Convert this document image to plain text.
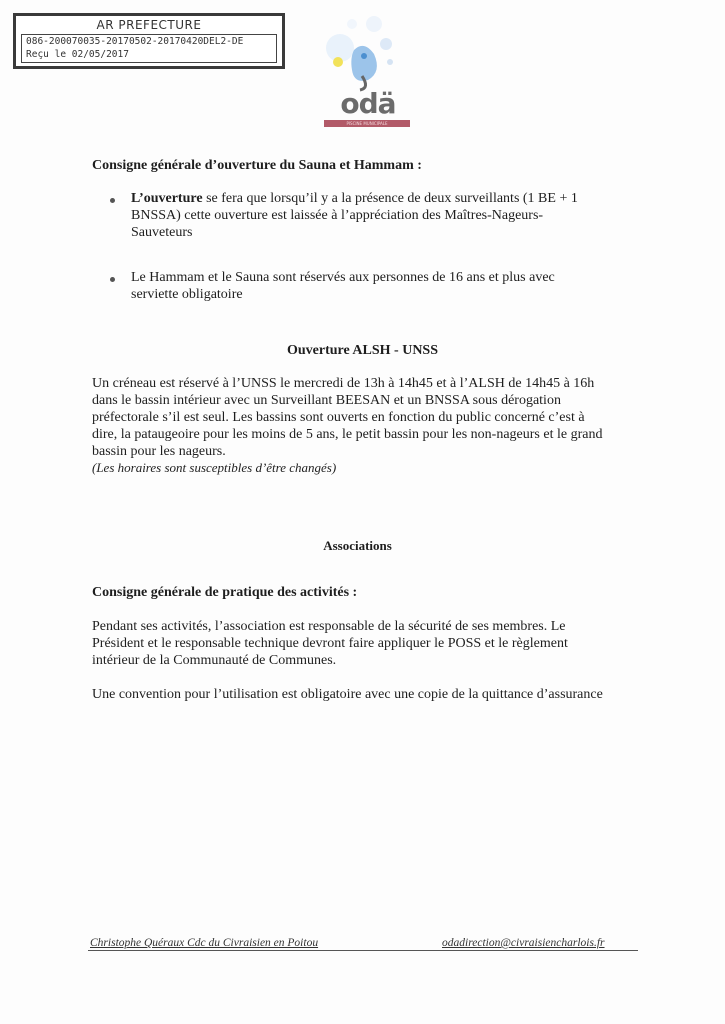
AR PREFECTURE
086-200070035-20170502-20170420DEL2-DE
Reçu le 02/05/2017
odä
PISCINE MUNICIPALE
Consigne générale d’ouverture du Sauna et Hammam :
L’ouverture se fera que lorsqu’il y a la présence de deux surveillants (1 BE + 1
BNSSA) cette ouverture est laissée à l’appréciation des Maîtres-Nageurs-
Sauveteurs
Le Hammam et le Sauna sont réservés aux personnes de 16 ans et plus avec
serviette obligatoire
Ouverture ALSH - UNSS
Un créneau est réservé à l’UNSS le mercredi de 13h à 14h45 et à l’ALSH de 14h45 à 16h
dans le bassin intérieur avec un Surveillant BEESAN et un BNSSA sous dérogation
préfectorale s’il est seul. Les bassins sont ouverts en fonction du public concerné c’est à
dire, la pataugeoire pour les moins de 5 ans, le petit bassin pour les non-nageurs et le grand
bassin pour les nageurs.
(Les horaires sont susceptibles d’être changés)
Associations
Consigne générale de pratique des activités :
Pendant ses activités, l’association est responsable de la sécurité de ses membres. Le
Président et le responsable technique devront faire appliquer le POSS et le règlement
intérieur de la Communauté de Communes.
Une convention pour l’utilisation est obligatoire avec une copie de la quittance d’assurance
Christophe Quéraux Cdc du Civraisien en Poitou	odadirection@civraisiencharlois.fr
